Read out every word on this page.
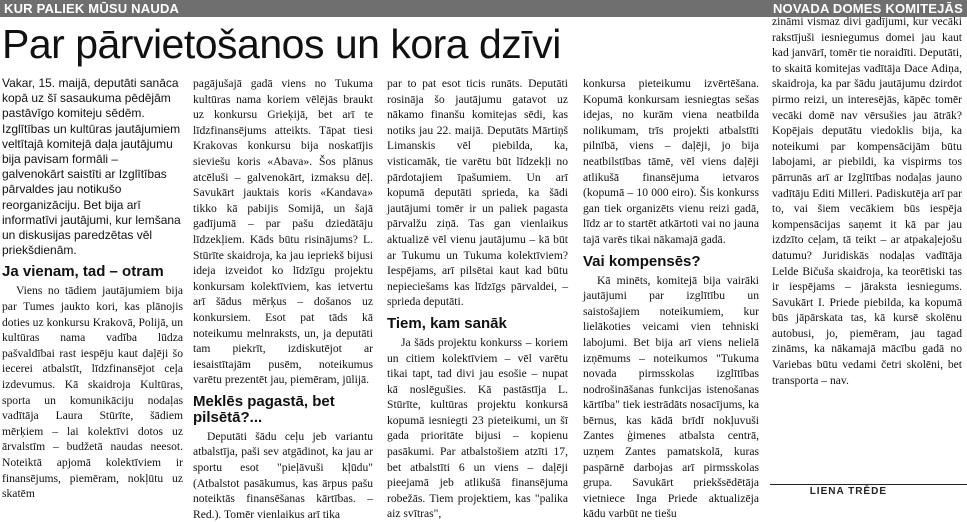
KUR PALIEK MŪSU NAUDA	NOVADA DOMES KOMITEJĀS
Par pārvietošanos un kora dzīvi

Vakar, 15. maijā, deputāti sanāca kopā uz šī sasaukuma pēdējām pastāvīgo komiteju sēdēm. Izglītības un kultūras jautājumiem veltītajā komitejā daļa jautājumu bija pavisam formāli – galvenokārt saistīti ar Izglītības pārvaldes jau notikušo reorganizāciju. Bet bija arī informatīvi jautājumi, kur lemšana un diskusijas paredzētas vēl priekšdienām.

Ja vienam, tad – otram

Viens no tādiem jautājumiem bija par Tumes jaukto kori, kas plānojis doties uz konkursu Krakovā, Polijā, un kultūras nama vadība lūdza pašvaldībai rast iespēju kaut daļēji šo iecerei atbalstīt, līdzfinansējot ceļa izdevumus. Kā skaidroja Kultūras, sporta un komunikāciju nodaļas vadītāja Laura Stūrīte, šādiem mērķiem – lai kolektīvi dotos uz ārvalstīm – budžetā naudas neesot. Noteiktā apjomā kolektīviem ir finansējums, piemēram, nokļūtu uz skatēm

pagājušajā gadā viens no Tukuma kultūras nama koriem vēlējās braukt uz konkursu Grieķijā, bet arī te līdzfinansējums atteikts. Tāpat tiesi Krakovas konkursu bija noskatījis sieviešu koris «Abava». Šos plānus atcēluši – galvenokārt, izmaksu dēļ. Savukārt jauktais koris «Kandava» tikko kā pabijis Somijā, un šajā gadījumā – par pašu dziedātāju līdzekļiem. Kāds būtu risinājums? L. Stūrīte skaidroja, ka jau iepriekš bijusi ideja izveidot ko līdzīgu projektu konkursam kolektīviem, kas ietvertu arī šādus mērķus – došanos uz konkursiem. Esot pat tāds kā noteikumu melnraksts, un, ja deputāti tam piekrīt, izdiskutējot ar iesaistītajām pusēm, noteikumus varētu prezentēt jau, piemēram, jūlijā.

Meklēs pagastā, bet pilsētā?...

Deputāti šādu ceļu jeb variantu atbalstīja, paši sev atgādinot, ka jau ar sportu esot "pieļāvuši kļūdu" (Atbalstot pasākumus, kas ārpus pašu noteiktās finansēšanas kārtības. – Red.). Tomēr vienlaikus arī tika

par to pat esot ticis runāts. Deputāti rosināja šo jautājumu gatavot uz nākamo finanšu komitejas sēdi, kas notiks jau 22. maijā. Deputāts Mārtiņš Limanskis vēl piebilda, ka, visticamāk, tie varētu būt līdzekļi no pārdotajiem īpašumiem. Un arī kopumā deputāti sprieda, ka šādi jautājumi tomēr ir un paliek pagasta pārvalžu ziņā. Tas gan vienlaikus aktualizē vēl vienu jautājumu – kā būt ar Tukumu un Tukuma kolektīviem? Iespējams, arī pilsētai kaut kad būtu nepieciešams kas līdzīgs pārvaldei, – sprieda deputāti.

Tiem, kam sanāk

Ja šāds projektu konkurss – koriem un citiem kolektīviem – vēl varētu tikai tapt, tad divi jau esošie – nupat kā noslēgušies. Kā pastāstīja L. Stūrīte, kultūras projektu konkursā kopumā iesniegti 23 pieteikumi, un šī gada prioritāte bijusi – kopienu pasākumi. Par atbalstošiem atzīti 17, bet atbalstīti 6 un viens – daļēji pieejamā jeb atlikušā finansējuma robežās. Tiem projektiem, kas "palika aiz svītras",

konkursa pieteikumu izvērtēšana. Kopumā konkursam iesniegtas sešas idejas, no kurām viena neatbilda nolikumam, trīs projekti atbalstīti pilnībā, viens – daļēji, jo bija neatbilstības tāmē, vēl viens daļēji atlikušā finansējuma ietvaros (kopumā – 10 000 eiro). Šis konkurss gan tiek organizēts vienu reizi gadā, līdz ar to startēt atkārtoti vai no jauna tajā varēs tikai nākamajā gadā.

Vai kompensēs?

Kā minēts, komitejā bija vairāki jautājumi par izglītību un saistošajiem noteikumiem, kur lielākoties veicami vien tehniski labojumi. Bet bija arī viens nelielā izņēmums – noteikumos "Tukuma novada pirmsskolas izglītības nodrošināšanas funkcijas istenošanas kārtība" tiek iestrādāts nosacījums, ka bērnus, kas kādā brīdī nokļuvuši Zantes ģimenes atbalsta centrā, uzņem Zantes pamatskolā, kuras paspārnē darbojas arī pirmsskolas grupa. Savukārt priekšsēdētāja vietniece Inga Priede aktualizēja kādu varbūt ne tiešu

zināmi vismaz divi gadījumi, kur vecāki rakstījuši iesniegumus domei jau kaut kad janvārī, tomēr tie noraidīti. Deputāti, to skaitā komitejas vadītāja Dace Adiņa, skaidroja, ka par šādu jautājumu dzirdot pirmo reizi, un interesējās, kāpēc tomēr vecāki domē nav vērsušies jau ātrāk? Kopējais deputātu viedoklis bija, ka noteikumi par kompensācijām būtu labojami, ar piebildi, ka vispirms tos pārrunās arī ar Izglītības nodaļas jauno vadītāju Editi Milleri. Padiskutēja arī par to, vai šiem vecākiem būs iespēja kompensācijas saņemt it kā par jau izdzīto ceļam, tā teikt – ar atpakaļejošu datumu? Juridiskās nodaļas vadītāja Lelde Bičuša skaidroja, ka teorētiski tas ir iespējams – jāraksta iesniegums. Savukārt I. Priede piebilda, ka kopumā būs jāpārskata tas, kā kursē skolēnu autobusi, jo, piemēram, jau tagad zināms, ka nākamajā mācību gadā no Variebas būtu vedami četri skolēni, bet transporta – nav.

LIENA TRĒDE
